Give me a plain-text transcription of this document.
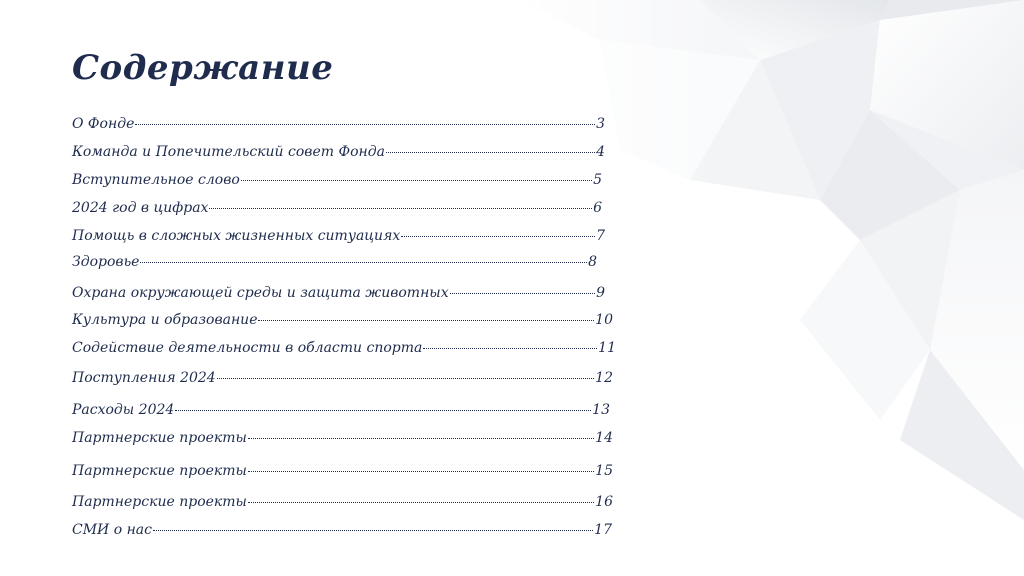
Содержание
О Фонде	3
Команда и Попечительский совет Фонда	4
Вступительное слово	5
2024 год в цифрах	6
Помощь в сложных жизненных ситуациях	7
Здоровье	8
Охрана окружающей среды и защита животных	9
Культура и образование	10
Содействие деятельности в области спорта	11
Поступления 2024	12
Расходы 2024	13
Партнерские проекты	14
Партнерские проекты	15
Партнерские проекты	16
СМИ о нас	17
